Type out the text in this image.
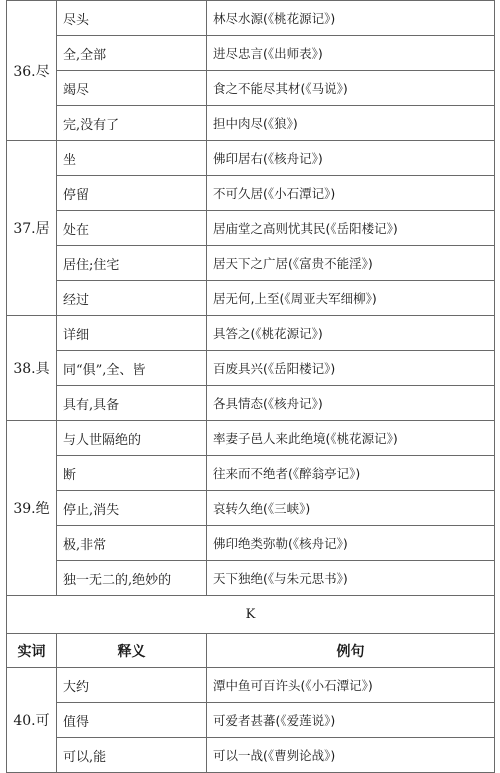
36.尽	尽头	林尽水源(《桃花源记》)
	全,全部	进尽忠言(《出师表》)
	竭尽	食之不能尽其材(《马说》)
	完,没有了	担中肉尽(《狼》)
37.居	坐	佛印居右(《核舟记》)
	停留	不可久居(《小石潭记》)
	处在	居庙堂之高则忧其民(《岳阳楼记》)
	居住;住宅	居天下之广居(《富贵不能淫》)
	经过	居无何,上至(《周亚夫军细柳》)
38.具	详细	具答之(《桃花源记》)
	同“俱”,全、皆	百废具兴(《岳阳楼记》)
	具有,具备	各具情态(《核舟记》)
39.绝	与人世隔绝的	率妻子邑人来此绝境(《桃花源记》)
	断	往来而不绝者(《醉翁亭记》)
	停止,消失	哀转久绝(《三峡》)
	极,非常	佛印绝类弥勒(《核舟记》)
	独一无二的,绝妙的	天下独绝(《与朱元思书》)
K		
实词	释义	例句
40.可	大约	潭中鱼可百许头(《小石潭记》)
	值得	可爱者甚蕃(《爱莲说》)
	可以,能	可以一战(《曹刿论战》)
